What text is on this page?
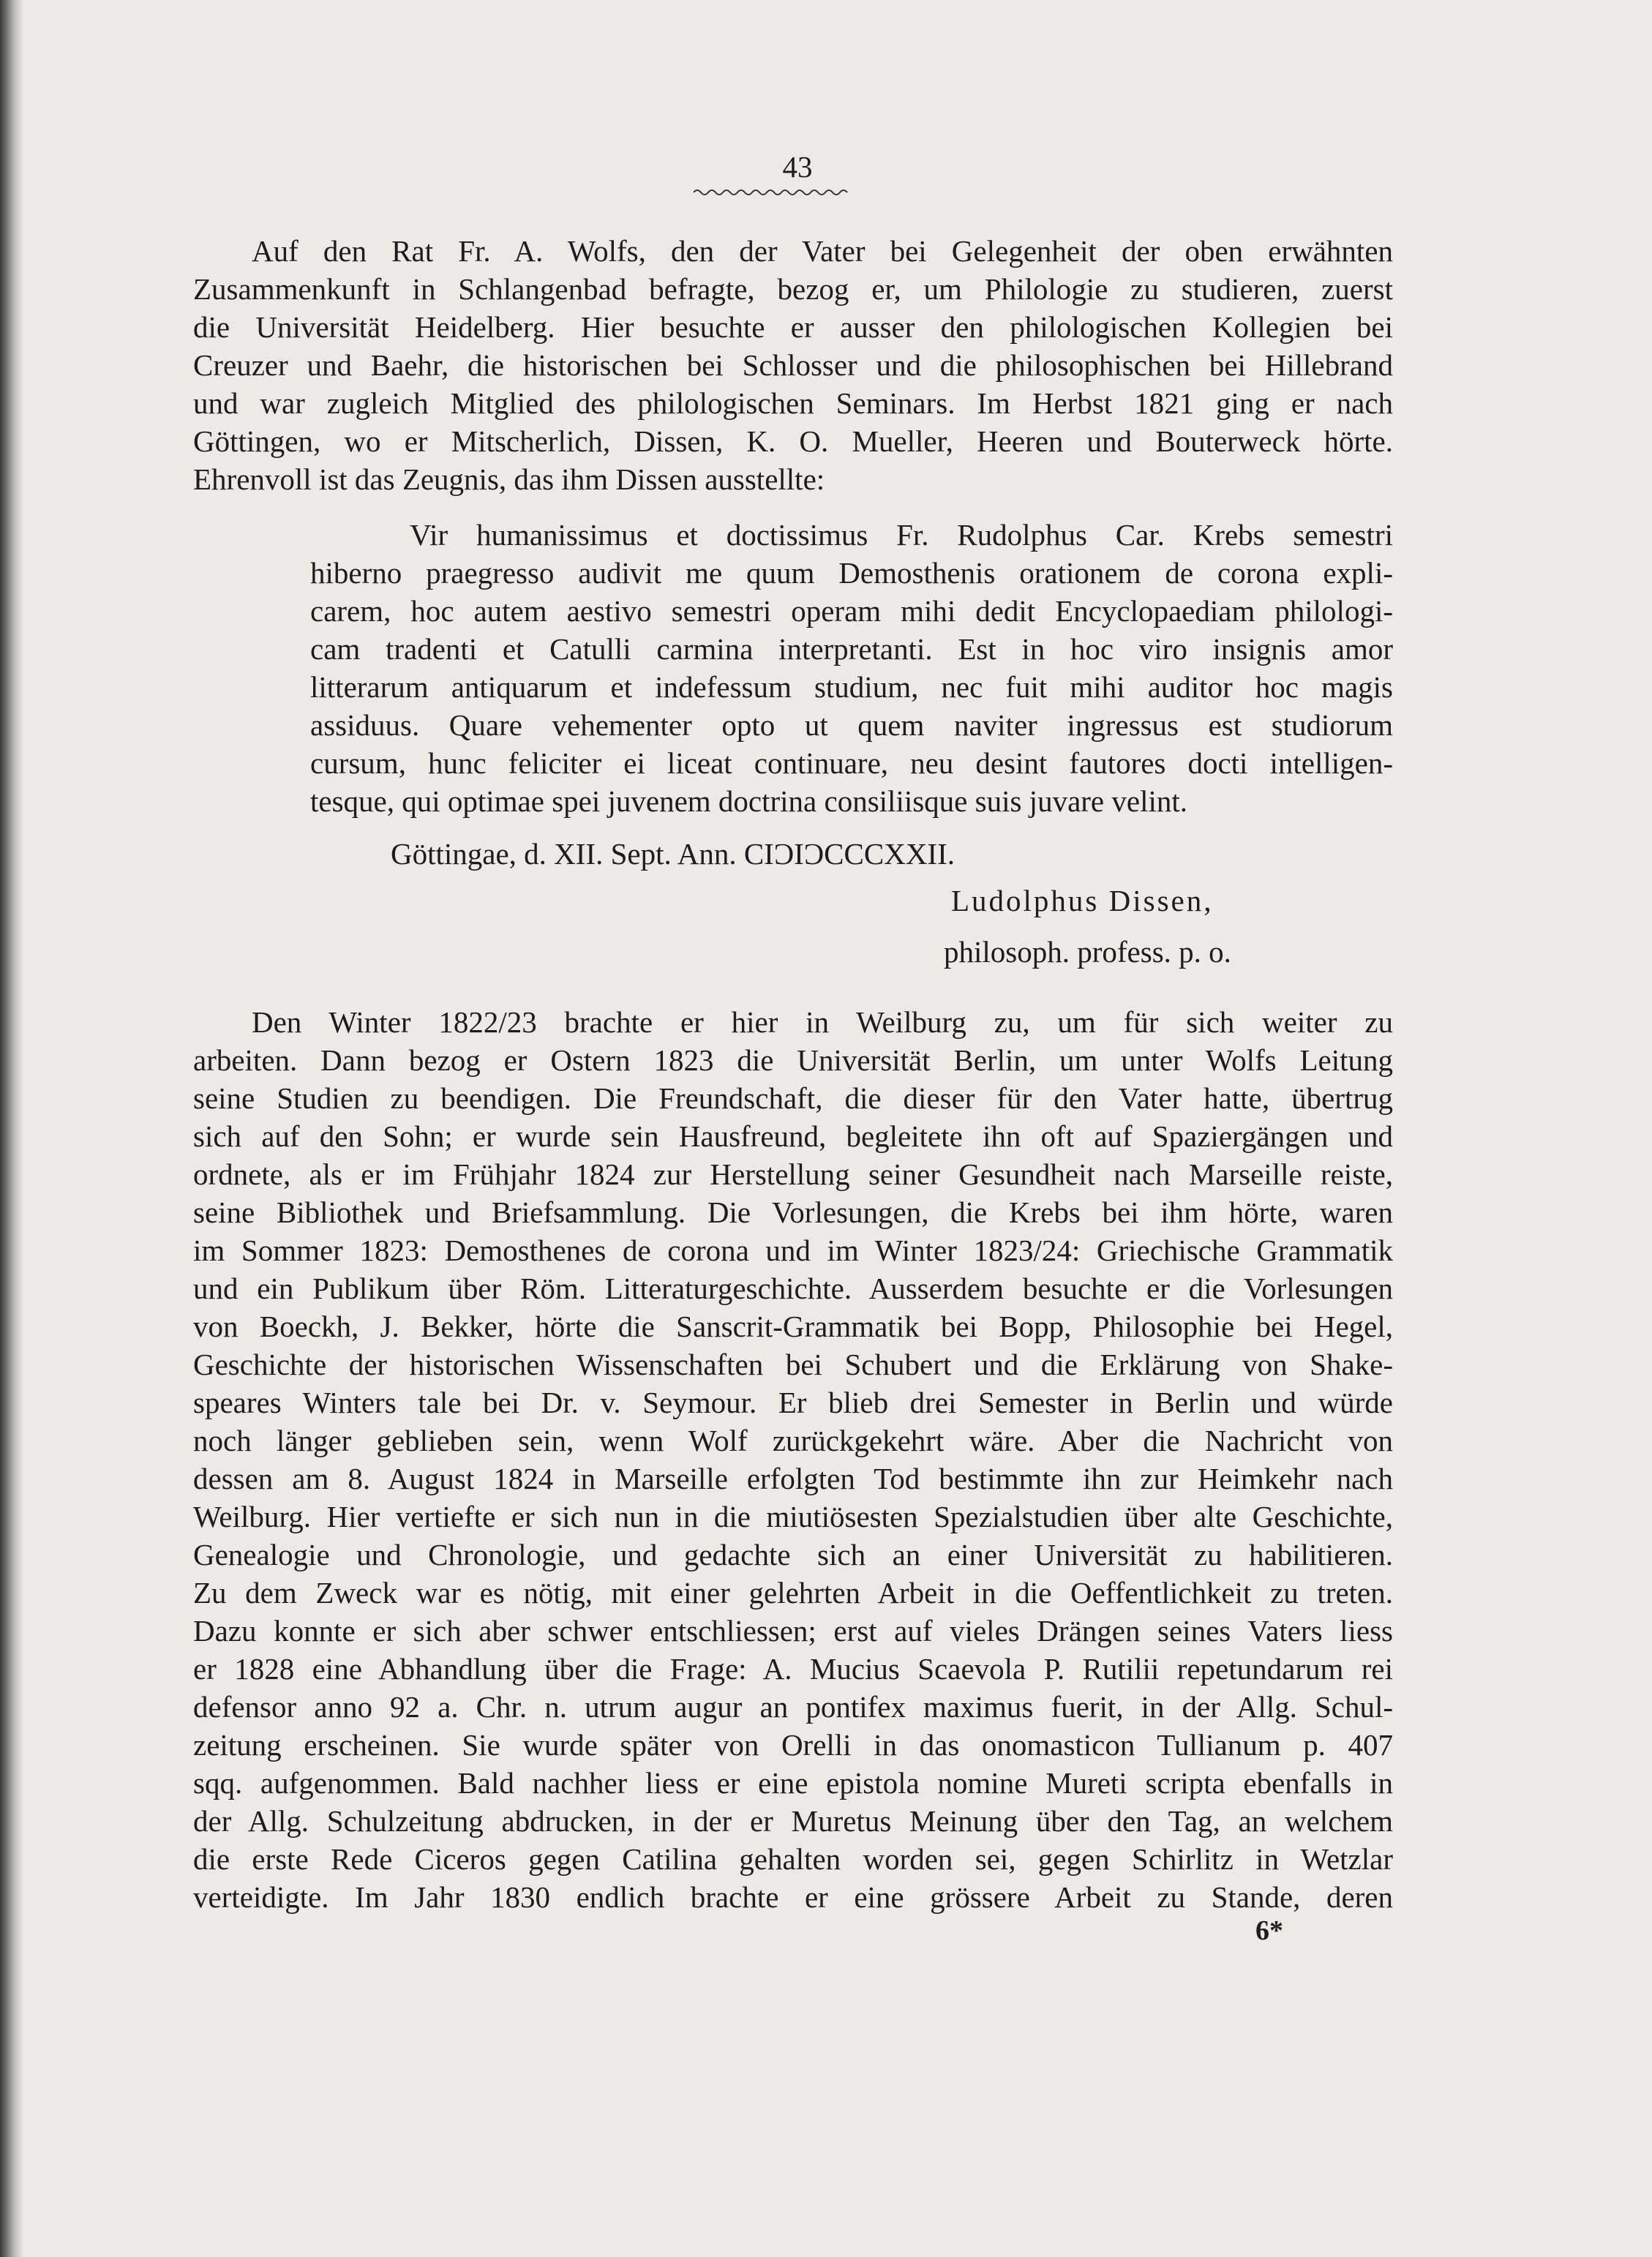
43

Auf den Rat Fr. A. Wolfs, den der Vater bei Gelegenheit der oben erwähnten

Zusammenkunft in Schlangenbad befragte, bezog er, um Philologie zu studieren, zuerst

die Universität Heidelberg. Hier besuchte er ausser den philologischen Kollegien bei

Creuzer und Baehr, die historischen bei Schlosser und die philosophischen bei Hillebrand

und war zugleich Mitglied des philologischen Seminars. Im Herbst 1821 ging er nach

Göttingen, wo er Mitscherlich, Dissen, K. O. Mueller, Heeren und Bouterweck hörte.

Ehrenvoll ist das Zeugnis, das ihm Dissen ausstellte:

Vir humanissimus et doctissimus Fr. Rudolphus Car. Krebs semestri

hiberno praegresso audivit me quum Demosthenis orationem de corona expli-

carem, hoc autem aestivo semestri operam mihi dedit Encyclopaediam philologi-

cam tradenti et Catulli carmina interpretanti. Est in hoc viro insignis amor

litterarum antiquarum et indefessum studium, nec fuit mihi auditor hoc magis

assiduus. Quare vehementer opto ut quem naviter ingressus est studiorum

cursum, hunc feliciter ei liceat continuare, neu desint fautores docti intelligen-

tesque, qui optimae spei juvenem doctrina consiliisque suis juvare velint.

Göttingae, d. XII. Sept. Ann. CIƆIƆCCCXXII.

Ludolphus Dissen,

philosoph. profess. p. o.

Den Winter 1822/23 brachte er hier in Weilburg zu, um für sich weiter zu

arbeiten. Dann bezog er Ostern 1823 die Universität Berlin, um unter Wolfs Leitung

seine Studien zu beendigen. Die Freundschaft, die dieser für den Vater hatte, übertrug

sich auf den Sohn; er wurde sein Hausfreund, begleitete ihn oft auf Spaziergängen und

ordnete, als er im Frühjahr 1824 zur Herstellung seiner Gesundheit nach Marseille reiste,

seine Bibliothek und Briefsammlung. Die Vorlesungen, die Krebs bei ihm hörte, waren

im Sommer 1823: Demosthenes de corona und im Winter 1823/24: Griechische Grammatik

und ein Publikum über Röm. Litteraturgeschichte. Ausserdem besuchte er die Vorlesungen

von Boeckh, J. Bekker, hörte die Sanscrit-Grammatik bei Bopp, Philosophie bei Hegel,

Geschichte der historischen Wissenschaften bei Schubert und die Erklärung von Shake-

speares Winters tale bei Dr. v. Seymour. Er blieb drei Semester in Berlin und würde

noch länger geblieben sein, wenn Wolf zurückgekehrt wäre. Aber die Nachricht von

dessen am 8. August 1824 in Marseille erfolgten Tod bestimmte ihn zur Heimkehr nach

Weilburg. Hier vertiefte er sich nun in die miutiösesten Spezialstudien über alte Geschichte,

Genealogie und Chronologie, und gedachte sich an einer Universität zu habilitieren.

Zu dem Zweck war es nötig, mit einer gelehrten Arbeit in die Oeffentlichkeit zu treten.

Dazu konnte er sich aber schwer entschliessen; erst auf vieles Drängen seines Vaters liess

er 1828 eine Abhandlung über die Frage: A. Mucius Scaevola P. Rutilii repetundarum rei

defensor anno 92 a. Chr. n. utrum augur an pontifex maximus fuerit, in der Allg. Schul-

zeitung erscheinen. Sie wurde später von Orelli in das onomasticon Tullianum p. 407

sqq. aufgenommen. Bald nachher liess er eine epistola nomine Mureti scripta ebenfalls in

der Allg. Schulzeitung abdrucken, in der er Muretus Meinung über den Tag, an welchem

die erste Rede Ciceros gegen Catilina gehalten worden sei, gegen Schirlitz in Wetzlar

verteidigte. Im Jahr 1830 endlich brachte er eine grössere Arbeit zu Stande, deren

6*
